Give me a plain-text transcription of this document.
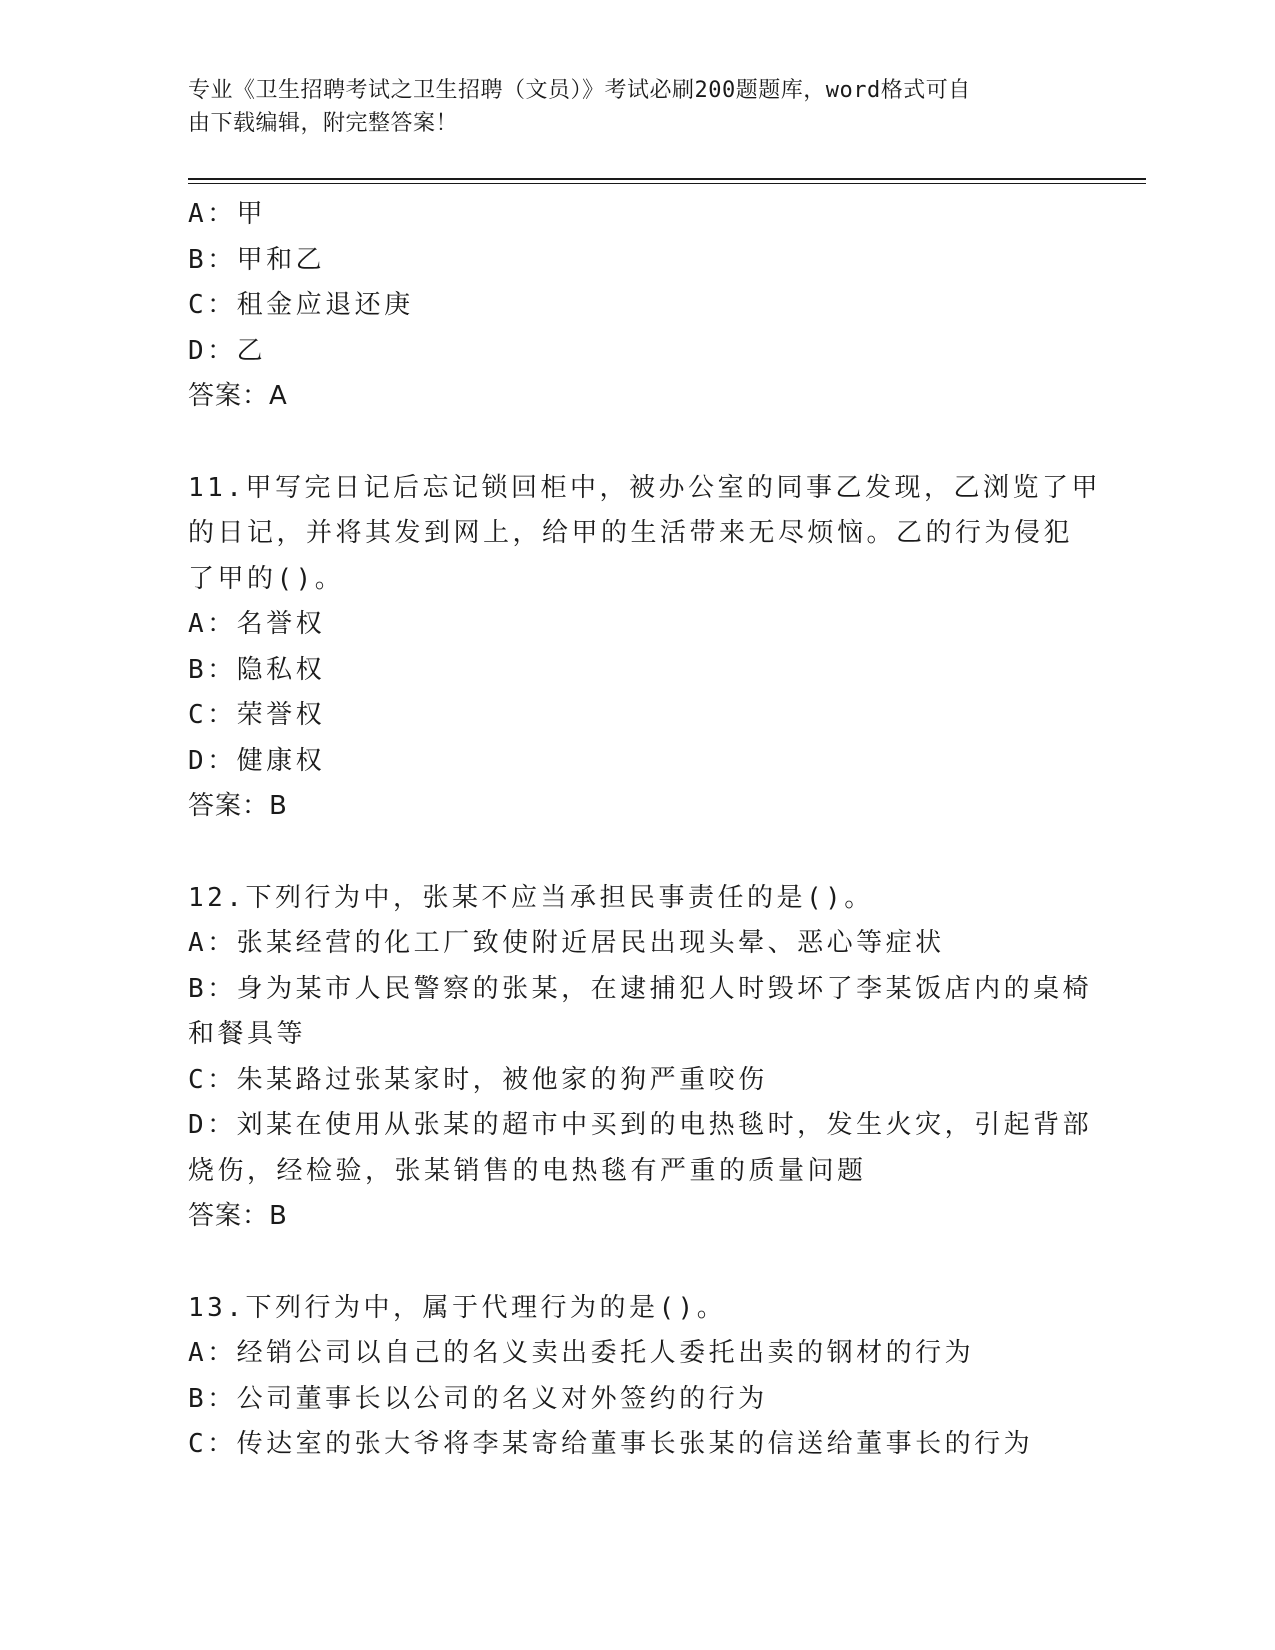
专业《卫生招聘考试之卫生招聘（文员）》考试必刷200题题库，word格式可自
由下载编辑，附完整答案！
A：甲
B：甲和乙
C：租金应退还庚
D：乙
答案：A
11.甲写完日记后忘记锁回柜中，被办公室的同事乙发现，乙浏览了甲
的日记，并将其发到网上，给甲的生活带来无尽烦恼。乙的行为侵犯
了甲的()。
A：名誉权
B：隐私权
C：荣誉权
D：健康权
答案：B
12.下列行为中，张某不应当承担民事责任的是()。
A：张某经营的化工厂致使附近居民出现头晕、恶心等症状
B：身为某市人民警察的张某，在逮捕犯人时毁坏了李某饭店内的桌椅
和餐具等
C：朱某路过张某家时，被他家的狗严重咬伤
D：刘某在使用从张某的超市中买到的电热毯时，发生火灾，引起背部
烧伤，经检验，张某销售的电热毯有严重的质量问题
答案：B
13.下列行为中，属于代理行为的是()。
A：经销公司以自己的名义卖出委托人委托出卖的钢材的行为
B：公司董事长以公司的名义对外签约的行为
C：传达室的张大爷将李某寄给董事长张某的信送给董事长的行为
